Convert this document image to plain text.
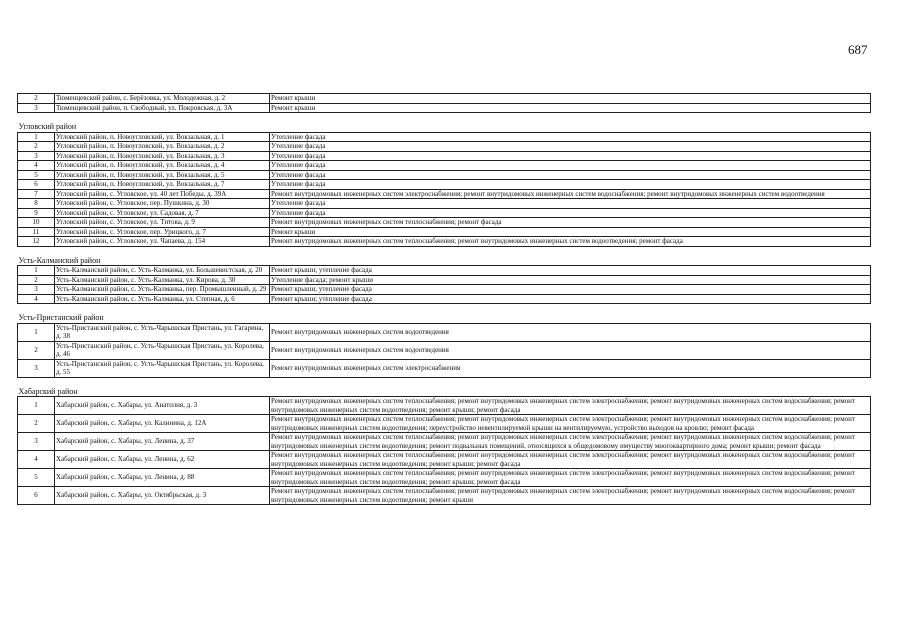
687
2	Тюменцевский район, с. Берёзовка, ул. Молодежная, д. 2	Ремонт крыши
3	Тюменцевский район, п. Свободный, ул. Покровская, д. 3А	Ремонт крыши
Угловский район		
1	Угловский район, п. Новоугловский, ул. Вокзальная, д. 1	Утепление фасада
2	Угловский район, п. Новоугловский, ул. Вокзальная, д. 2	Утепление фасада
3	Угловский район, п. Новоугловский, ул. Вокзальная, д. 3	Утепление фасада
4	Угловский район, п. Новоугловский, ул. Вокзальная, д. 4	Утепление фасада
5	Угловский район, п. Новоугловский, ул. Вокзальная, д. 5	Утепление фасада
6	Угловский район, п. Новоугловский, ул. Вокзальная, д. 7	Утепление фасада
7	Угловский район, с. Угловское, ул. 40 лет Победы, д. 39А	Ремонт внутридомовых инженерных систем электроснабжения; ремонт внутридомовых инженерных систем водоснабжения; ремонт внутридомовых инженерных систем водоотведения
8	Угловский район, с. Угловское, пер. Пушкина, д. 30	Утепление фасада
9	Угловский район, с. Угловское, ул. Садовая, д. 7	Утепление фасада
10	Угловский район, с. Угловское, ул. Титова, д. 9	Ремонт внутридомовых инженерных систем теплоснабжения; ремонт фасада
11	Угловский район, с. Угловское, пер. Урицкого, д. 7	Ремонт крыши
12	Угловский район, с. Угловское, ул. Чапаева, д. 154	Ремонт внутридомовых инженерных систем теплоснабжения; ремонт внутридомовых инженерных систем водоотведения; ремонт фасада
Усть-Калманский район		
1	Усть-Калманский район, с. Усть-Калманка, ул. Большевистская, д. 20	Ремонт крыши; утепление фасада
2	Усть-Калманский район, с. Усть-Калманка, ул. Кирова, д. 30	Утепление фасада; ремонт крыши
3	Усть-Калманский район, с. Усть-Калманка, пер. Промышленный, д. 29	Ремонт крыши; утепление фасада
4	Усть-Калманский район, с. Усть-Калманка, ул. Степная, д. 6	Ремонт крыши; утепление фасада
Усть-Пристанский район		
1	Усть-Пристанский район, с. Усть-Чарышская Пристань, ул. Гагарина, д. 38	Ремонт внутридомовых инженерных систем водоотведения
2	Усть-Пристанский район, с. Усть-Чарышская Пристань, ул. Королева, д. 46	Ремонт внутридомовых инженерных систем водоотведения
3	Усть-Пристанский район, с. Усть-Чарышская Пристань, ул. Королева, д. 55	Ремонт внутридомовых инженерных систем электроснабжения
Хабарский район		
1	Хабарский район, с. Хабары, ул. Анатолия, д. 3	Ремонт внутридомовых инженерных систем теплоснабжения; ремонт внутридомовых инженерных систем электроснабжения; ремонт внутридомовых инженерных систем водоснабжения; ремонт внутридомовых инженерных систем водоотведения; ремонт крыши; ремонт фасада
2	Хабарский район, с. Хабары, ул. Калинина, д. 12А	Ремонт внутридомовых инженерных систем теплоснабжения; ремонт внутридомовых инженерных систем электроснабжения; ремонт внутридомовых инженерных систем водоснабжения; ремонт внутридомовых инженерных систем водоотведения; переустройство невентилируемой крыши на вентилируемую, устройство выходов на кровлю; ремонт фасада
3	Хабарский район, с. Хабары, ул. Ленина, д. 37	Ремонт внутридомовых инженерных систем теплоснабжения; ремонт внутридомовых инженерных систем электроснабжения; ремонт внутридомовых инженерных систем водоснабжения; ремонт внутридомовых инженерных систем водоотведения; ремонт подвальных помещений, относящихся к общедомовому имуществу многоквартирного дома; ремонт крыши; ремонт фасада
4	Хабарский район, с. Хабары, ул. Ленина, д. 62	Ремонт внутридомовых инженерных систем теплоснабжения; ремонт внутридомовых инженерных систем электроснабжения; ремонт внутридомовых инженерных систем водоснабжения; ремонт внутридомовых инженерных систем водоотведения; ремонт крыши; ремонт фасада
5	Хабарский район, с. Хабары, ул. Ленина, д. 88	Ремонт внутридомовых инженерных систем теплоснабжения; ремонт внутридомовых инженерных систем электроснабжения; ремонт внутридомовых инженерных систем водоснабжения; ремонт внутридомовых инженерных систем водоотведения; ремонт крыши; ремонт фасада
6	Хабарский район, с. Хабары, ул. Октябрьская, д. 3	Ремонт внутридомовых инженерных систем теплоснабжения; ремонт внутридомовых инженерных систем электроснабжения; ремонт внутридомовых инженерных систем водоснабжения; ремонт внутридомовых инженерных систем водоотведения; ремонт крыши
